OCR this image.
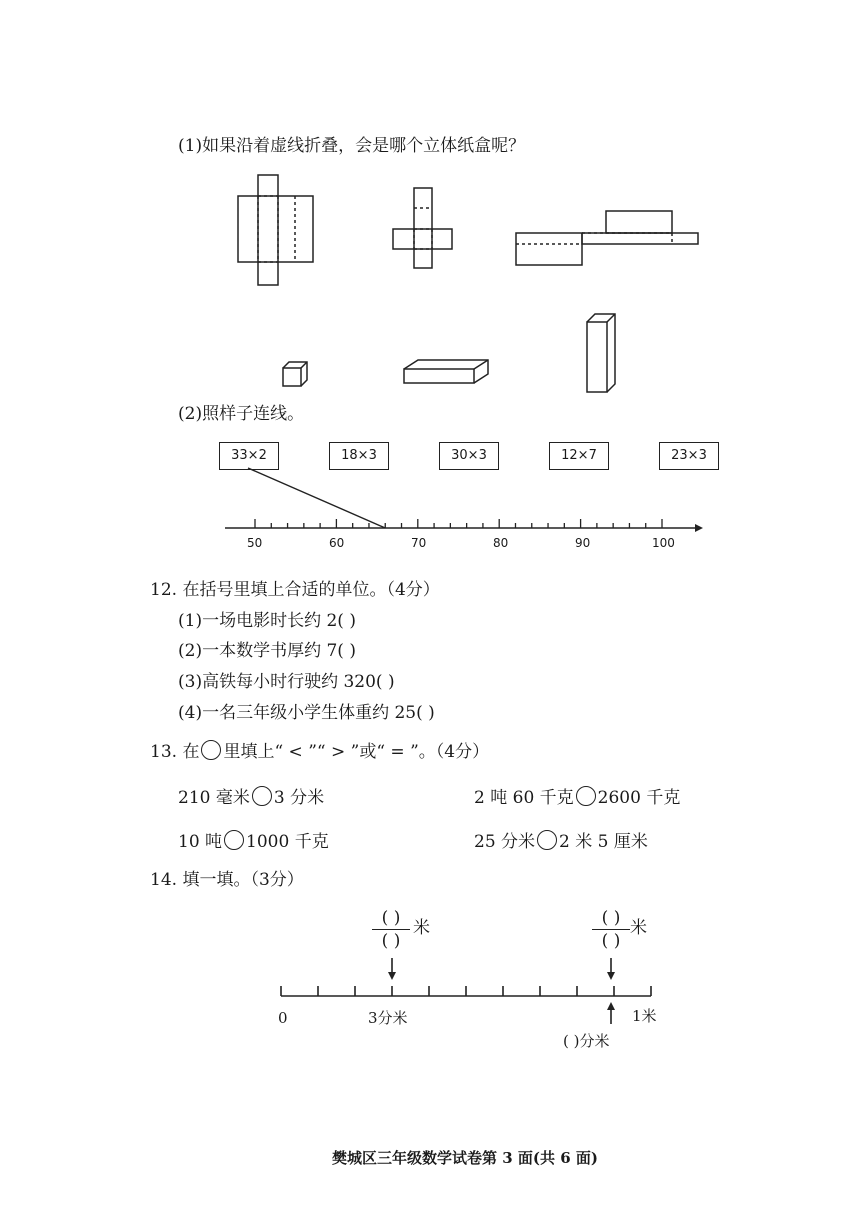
(1)如果沿着虚线折叠，会是哪个立体纸盒呢？
(2)照样子连线。
33×2	18×3	30×3	12×7	23×3
50	60	70	80	90	100
12. 在括号里填上合适的单位。（4分）
(1)一场电影时长约 2( )
(2)一本数学书厚约 7( )
(3)高铁每小时行驶约 320( )
(4)一名三年级小学生体重约 25( )
13. 在 里填上“ < ”“ > ”或“ = ”。（4分）
210 毫米 3 分米	2 吨 60 千克 2600 千克
10 吨 1000 千克	25 分米 2 米 5 厘米
14. 填一填。（3分）
( )
( )
米	( )
( )
米
0	3分米	1米
( )分米
樊城区三年级数学试卷第 3 面(共 6 面)
